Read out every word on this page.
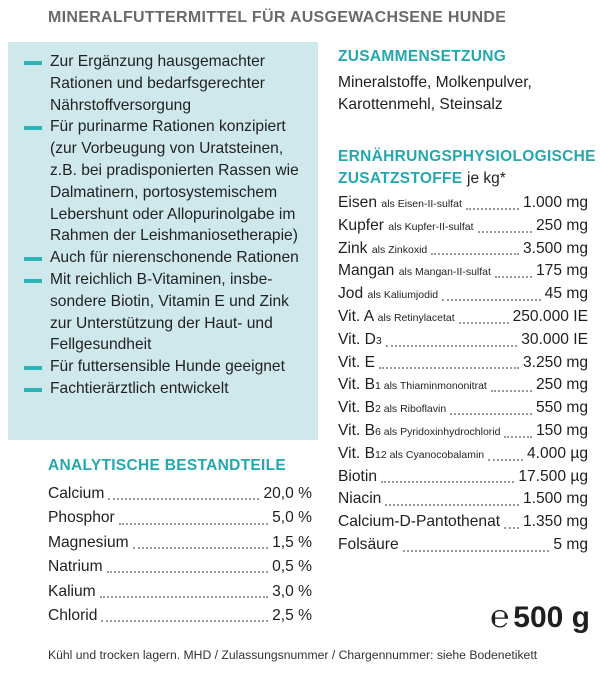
MINERALFUTTERMITTEL FÜR AUSGEWACHSENE HUNDE
Zur Ergänzung hausgemachter Rationen und bedarfsgerechter Nährstoffversorgung
Für purinarme Rationen konzipiert (zur Vorbeugung von Uratsteinen, z.B. bei pradisponierten Rassen wie Dalmatinern, portosystemischem Lebershunt oder Allopurinolgabe im Rahmen der Leishmaniosetherapie)
Auch für nierenschonende Rationen
Mit reichlich B-Vitaminen, insbesondere Biotin, Vitamin E und Zink zur Unterstützung der Haut- und Fellgesundheit
Für futtersensible Hunde geeignet
Fachtierärztlich entwickelt
ANALYTISCHE BESTANDTEILE
Calcium	20,0 %
Phosphor	5,0 %
Magnesium	1,5 %
Natrium	0,5 %
Kalium	3,0 %
Chlorid	2,5 %
ZUSAMMENSETZUNG
Mineralstoffe, Molkenpulver, Karottenmehl, Steinsalz
ERNÄHRUNGSPHYSIOLOGISCHE ZUSATZSTOFFE je kg*
Eisen als Eisen-II-sulfat	1.000 mg
Kupfer als Kupfer-II-sulfat	250 mg
Zink als Zinkoxid	3.500 mg
Mangan als Mangan-II-sulfat	175 mg
Jod als Kaliumjodid	45 mg
Vit. A als Retinylacetat	250.000 IE
Vit. D3	30.000 IE
Vit. E	3.250 mg
Vit. B1 als Thiaminmononitrat	250 mg
Vit. B2 als Riboflavin	550 mg
Vit. B6 als Pyridoxinhydrochlorid 150 mg
Vit. B12 als Cyanocobalamin	4.000 µg
Biotin	17.500 µg
Niacin	1.500 mg
Calcium-D-Pantothenat 1.350 mg
Folsäure	5 mg
℮ 500 g
Kühl und trocken lagern. MHD / Zulassungsnummer / Chargennummer: siehe Bodenetikett
